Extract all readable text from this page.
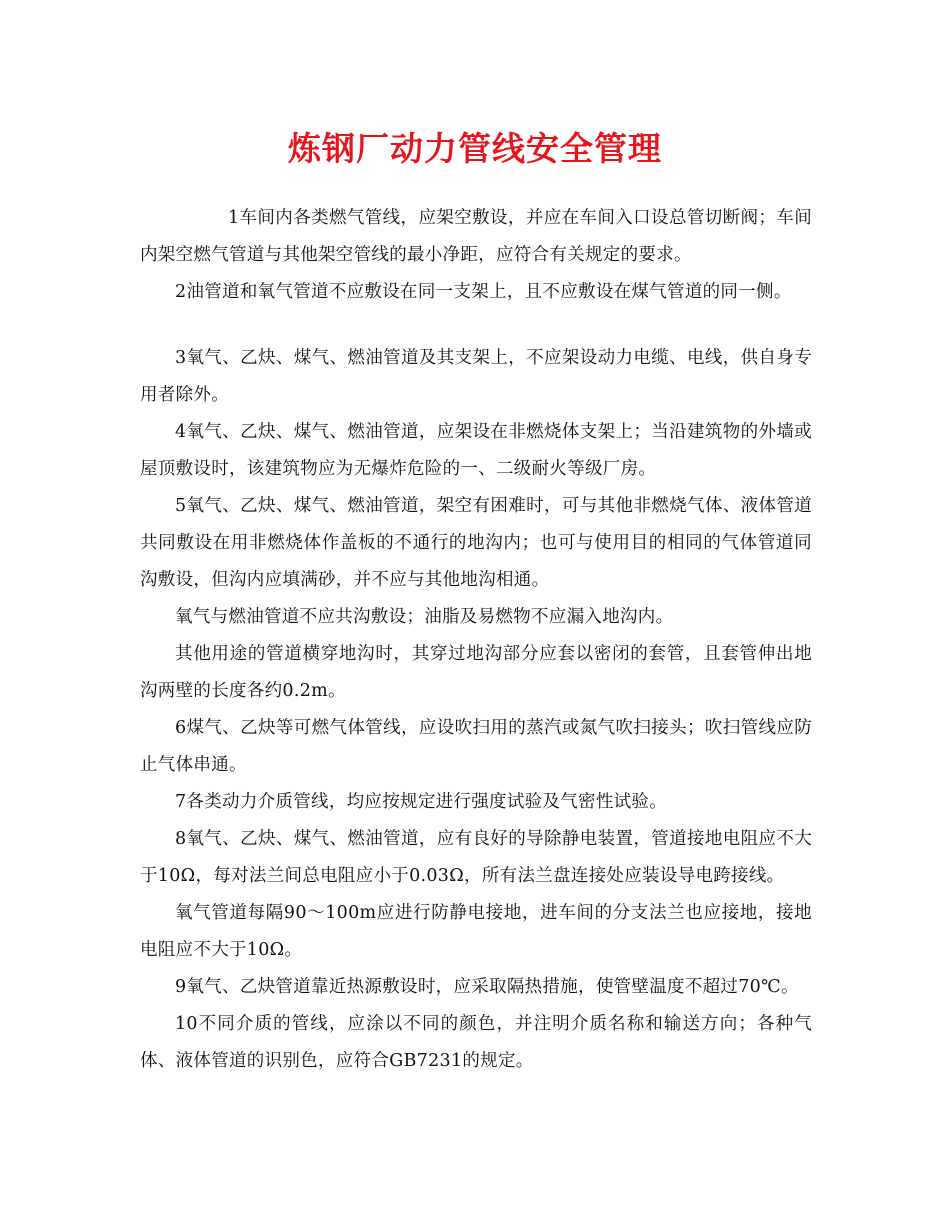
炼钢厂动力管线安全管理

1车间内各类燃气管线，应架空敷设，并应在车间入口设总管切断阀；车间内架空燃气管道与其他架空管线的最小净距，应符合有关规定的要求。

2油管道和氧气管道不应敷设在同一支架上，且不应敷设在煤气管道的同一侧。

3氧气、乙炔、煤气、燃油管道及其支架上，不应架设动力电缆、电线，供自身专用者除外。

4氧气、乙炔、煤气、燃油管道，应架设在非燃烧体支架上；当沿建筑物的外墙或屋顶敷设时，该建筑物应为无爆炸危险的一、二级耐火等级厂房。

5氧气、乙炔、煤气、燃油管道，架空有困难时，可与其他非燃烧气体、液体管道共同敷设在用非燃烧体作盖板的不通行的地沟内；也可与使用目的相同的气体管道同沟敷设，但沟内应填满砂，并不应与其他地沟相通。

氧气与燃油管道不应共沟敷设；油脂及易燃物不应漏入地沟内。

其他用途的管道横穿地沟时，其穿过地沟部分应套以密闭的套管，且套管伸出地沟两壁的长度各约0.2m。

6煤气、乙炔等可燃气体管线，应设吹扫用的蒸汽或氮气吹扫接头；吹扫管线应防止气体串通。

7各类动力介质管线，均应按规定进行强度试验及气密性试验。

8氧气、乙炔、煤气、燃油管道，应有良好的导除静电装置，管道接地电阻应不大于10Ω，每对法兰间总电阻应小于0.03Ω，所有法兰盘连接处应装设导电跨接线。

氧气管道每隔90～100m应进行防静电接地，进车间的分支法兰也应接地，接地电阻应不大于10Ω。

9氧气、乙炔管道靠近热源敷设时，应采取隔热措施，使管壁温度不超过70℃。

10不同介质的管线，应涂以不同的颜色，并注明介质名称和输送方向；各种气体、液体管道的识别色，应符合GB7231的规定。
